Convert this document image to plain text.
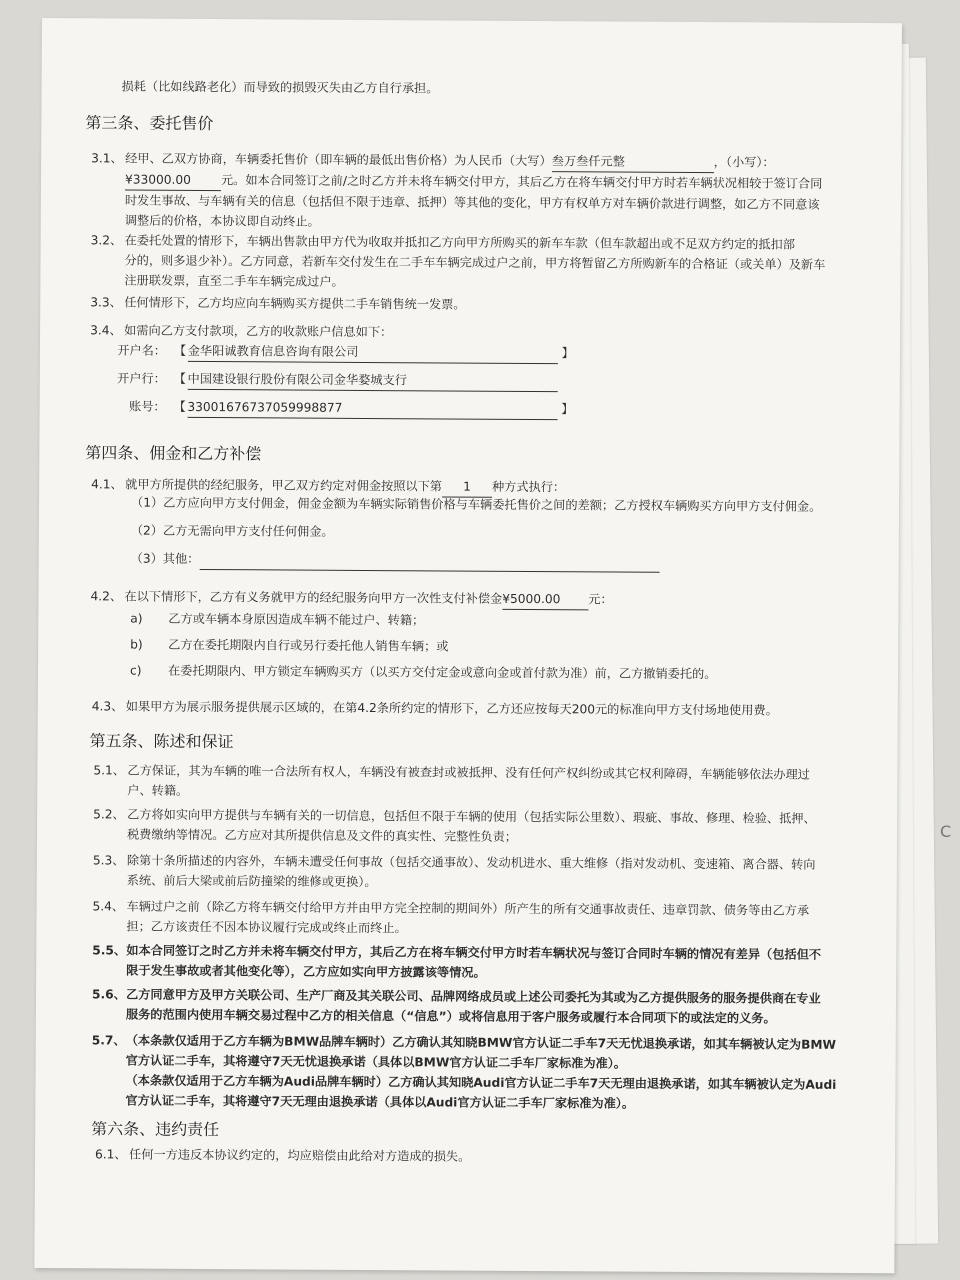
C
损耗（比如线路老化）而导致的损毁灭失由乙方自行承担。
第三条、委托售价
3.1、 经甲、乙双方协商，车辆委托售价（即车辆的最低出售价格）为人民币（大写）叁万叁仟元整	，（小写）：
¥33000.00 元。如本合同签订之前/之时乙方并未将车辆交付甲方，其后乙方在将车辆交付甲方时若车辆状况相较于签订合同
时发生事故、与车辆有关的信息（包括但不限于违章、抵押）等其他的变化，甲方有权单方对车辆价款进行调整，如乙方不同意该
调整后的价格，本协议即自动终止。
3.2、 在委托处置的情形下，车辆出售款由甲方代为收取并抵扣乙方向甲方所购买的新车车款（但车款超出或不足双方约定的抵扣部
分的，则多退少补）。乙方同意，若新车交付发生在二手车车辆完成过户之前，甲方将暂留乙方所购新车的合格证（或关单）及新车
注册联发票，直至二手车车辆完成过户。
3.3、 任何情形下，乙方均应向车辆购买方提供二手车销售统一发票。
3.4、 如需向乙方支付款项，乙方的收款账户信息如下：
开户名： 【 金华阳诚教育信息咨询有限公司	】
开户行： 【 中国建设银行股份有限公司金华婺城支行
账号： 【 33001676737059998877	】
第四条、佣金和乙方补偿
4.1、 就甲方所提供的经纪服务，甲乙双方约定对佣金按照以下第 1 种方式执行：
（1）乙方应向甲方支付佣金，佣金金额为车辆实际销售价格与车辆委托售价之间的差额；乙方授权车辆购买方向甲方支付佣金。
（2）乙方无需向甲方支付任何佣金。
（3）其他：
4.2、 在以下情形下，乙方有义务就甲方的经纪服务向甲方一次性支付补偿金¥5000.00 元：
a) 乙方或车辆本身原因造成车辆不能过户、转籍；
b) 乙方在委托期限内自行或另行委托他人销售车辆；或
c) 在委托期限内、甲方锁定车辆购买方（以买方交付定金或意向金或首付款为准）前，乙方撤销委托的。
4.3、 如果甲方为展示服务提供展示区域的，在第4.2条所约定的情形下，乙方还应按每天200元的标准向甲方支付场地使用费。
第五条、陈述和保证
5.1、 乙方保证，其为车辆的唯一合法所有权人，车辆没有被查封或被抵押、没有任何产权纠纷或其它权利障碍，车辆能够依法办理过
户、转籍。
5.2、 乙方将如实向甲方提供与车辆有关的一切信息，包括但不限于车辆的使用（包括实际公里数）、瑕疵、事故、修理、检验、抵押、
税费缴纳等情况。乙方应对其所提供信息及文件的真实性、完整性负责；
5.3、 除第十条所描述的内容外，车辆未遭受任何事故（包括交通事故）、发动机进水、重大维修（指对发动机、变速箱、离合器、转向
系统、前后大梁或前后防撞梁的维修或更换）。
5.4、 车辆过户之前（除乙方将车辆交付给甲方并由甲方完全控制的期间外）所产生的所有交通事故责任、违章罚款、债务等由乙方承
担；乙方该责任不因本协议履行完成或终止而终止。
5.5、如本合同签订之时乙方并未将车辆交付甲方，其后乙方在将车辆交付甲方时若车辆状况与签订合同时车辆的情况有差异（包括但不
限于发生事故或者其他变化等），乙方应如实向甲方披露该等情况。
5.6、乙方同意甲方及甲方关联公司、生产厂商及其关联公司、品牌网络成员或上述公司委托为其或为乙方提供服务的服务提供商在专业
服务的范围内使用车辆交易过程中乙方的相关信息（“信息”）或将信息用于客户服务或履行本合同项下的或法定的义务。
5.7、（本条款仅适用于乙方车辆为BMW品牌车辆时）乙方确认其知晓BMW官方认证二手车7天无忧退换承诺，如其车辆被认定为BMW
官方认证二手车，其将遵守7天无忧退换承诺（具体以BMW官方认证二手车厂家标准为准）。
（本条款仅适用于乙方车辆为Audi品牌车辆时）乙方确认其知晓Audi官方认证二手车7天无理由退换承诺，如其车辆被认定为Audi
官方认证二手车，其将遵守7天无理由退换承诺（具体以Audi官方认证二手车厂家标准为准）。
第六条、违约责任
6.1、 任何一方违反本协议约定的，均应赔偿由此给对方造成的损失。
